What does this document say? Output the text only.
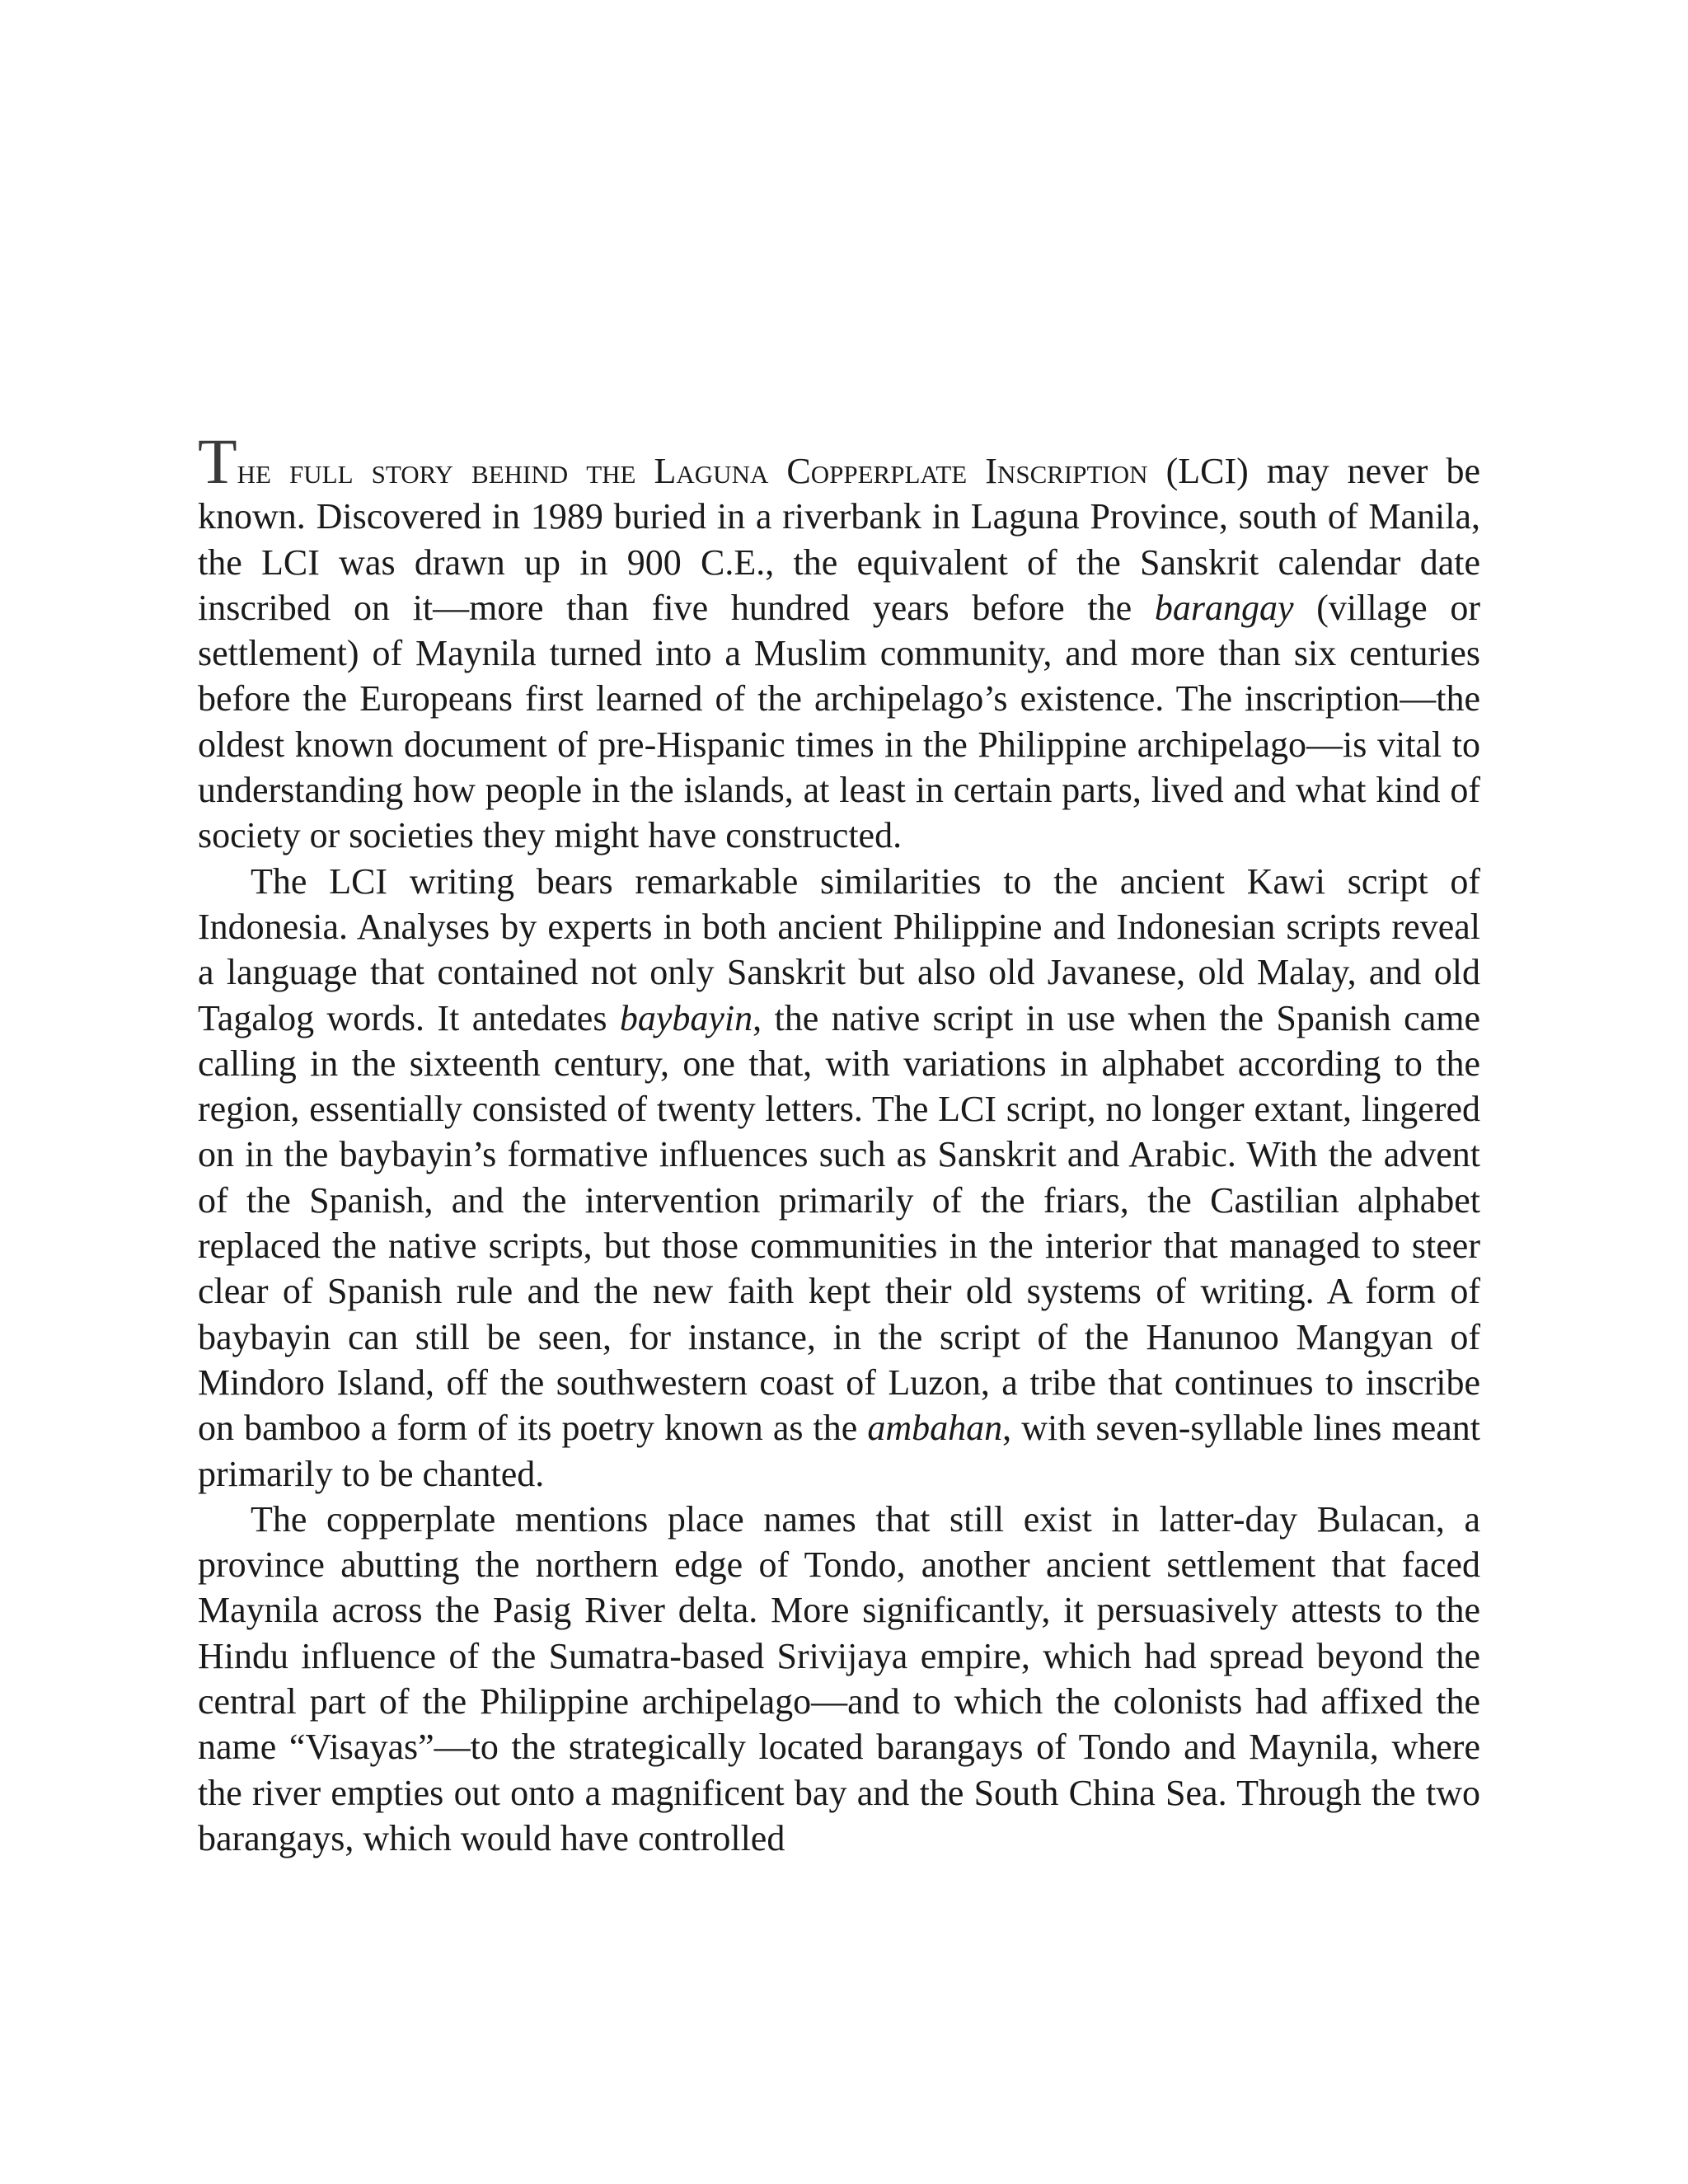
The full story behind the Laguna Copperplate Inscription (LCI) may never be known. Discovered in 1989 buried in a riverbank in Laguna Province, south of Manila, the LCI was drawn up in 900 C.E., the equivalent of the Sanskrit calendar date inscribed on it—more than five hundred years before the barangay (village or settlement) of Maynila turned into a Muslim community, and more than six centuries before the Europeans first learned of the archipelago’s existence. The inscription—the oldest known document of pre-Hispanic times in the Philippine archipelago—is vital to understanding how people in the islands, at least in certain parts, lived and what kind of society or societies they might have constructed.

The LCI writing bears remarkable similarities to the ancient Kawi script of Indonesia. Analyses by experts in both ancient Philippine and Indonesian scripts reveal a language that contained not only Sanskrit but also old Javanese, old Malay, and old Tagalog words. It antedates baybayin, the native script in use when the Spanish came calling in the sixteenth century, one that, with variations in alphabet according to the region, essentially consisted of twenty letters. The LCI script, no longer extant, lingered on in the baybayin’s formative influences such as Sanskrit and Arabic. With the advent of the Spanish, and the intervention primarily of the friars, the Castilian alphabet replaced the native scripts, but those communities in the interior that managed to steer clear of Spanish rule and the new faith kept their old systems of writing. A form of baybayin can still be seen, for instance, in the script of the Hanunoo Mangyan of Mindoro Island, off the southwestern coast of Luzon, a tribe that continues to inscribe on bamboo a form of its poetry known as the ambahan, with seven-syllable lines meant primarily to be chanted.

The copperplate mentions place names that still exist in latter-day Bulacan, a province abutting the northern edge of Tondo, another ancient settlement that faced Maynila across the Pasig River delta. More significantly, it persuasively attests to the Hindu influence of the Sumatra-based Srivijaya empire, which had spread beyond the central part of the Philippine archipelago—and to which the colonists had affixed the name “Visayas”—to the strategically located barangays of Tondo and Maynila, where the river empties out onto a magnificent bay and the South China Sea. Through the two barangays, which would have controlled
